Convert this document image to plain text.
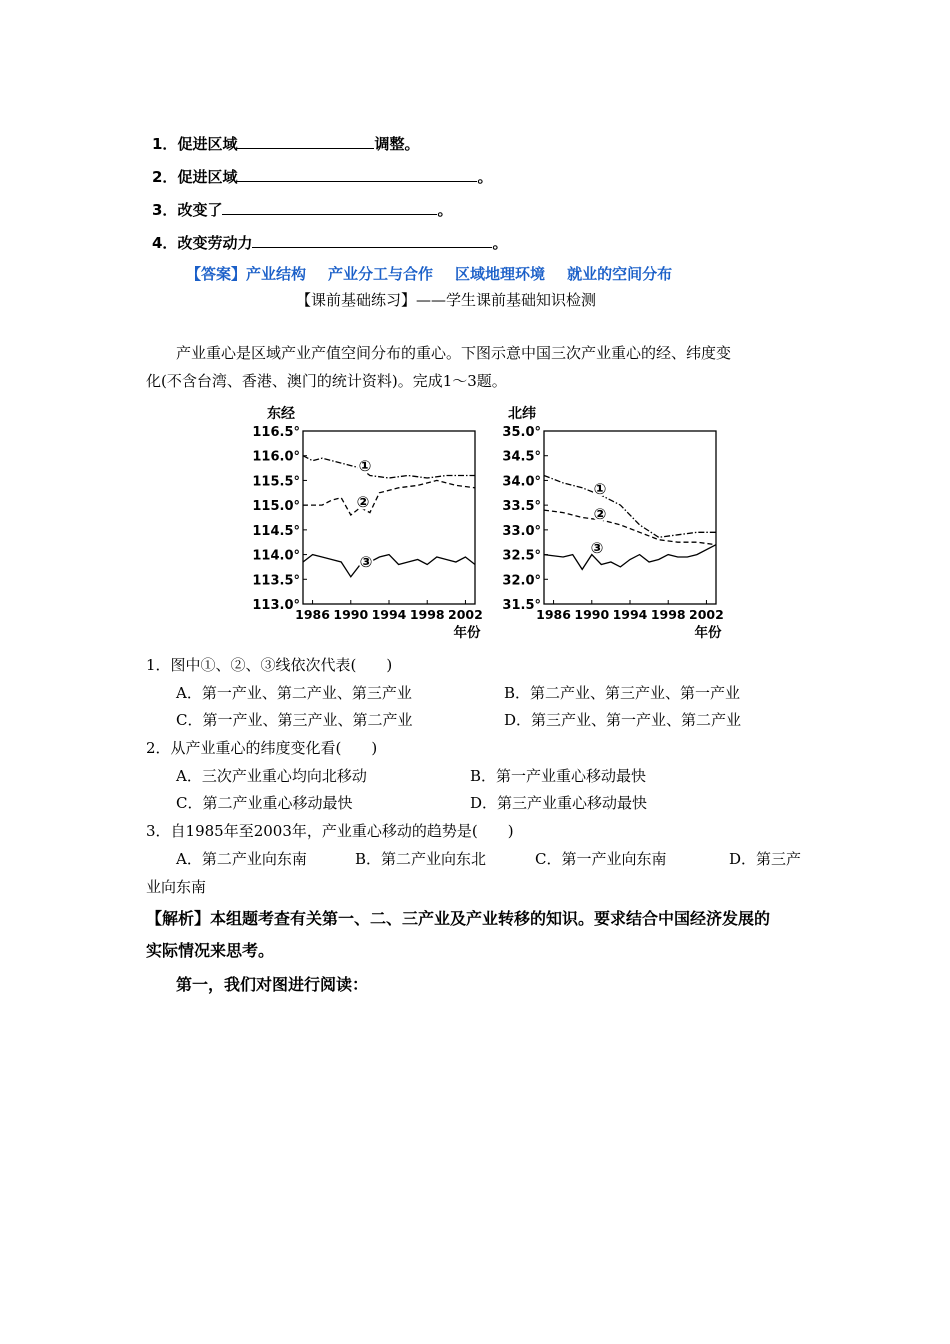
1．促进区域	调整。
2．促进区域	。
3．改变了	。
4．改变劳动力	。
【答案】产业结构 产业分工与合作 区域地理环境 就业的空间分布
【课前基础练习】——学生课前基础知识检测
产业重心是区域产业产值空间分布的重心。下图示意中国三次产业重心的经、纬度变
化(不含台湾、香港、澳门的统计资料)。完成1～3题。
东经
116.5°
116.0°
115.5°
115.0°
114.5°
114.0°
113.5°
113.0°
1986 1990 1994 1998 2002
年份
①
②
③
北纬
35.0°
34.5°
34.0°
33.5°
33.0°
32.5°
32.0°
31.5°
1986 1990 1994 1998 2002
年份
①
②
③
1．图中①、②、③线依次代表(　　)
A．第一产业、第二产业、第三产业	B．第二产业、第三产业、第一产业
C．第一产业、第三产业、第二产业	D．第三产业、第一产业、第二产业
2．从产业重心的纬度变化看(　　)
A．三次产业重心均向北移动	B．第一产业重心移动最快
C．第二产业重心移动最快	D．第三产业重心移动最快
3．自1985年至2003年，产业重心移动的趋势是(　　)
A．第二产业向东南	B．第二产业向东北	C．第一产业向东南	D．第三产
业向东南
【解析】本组题考查有关第一、二、三产业及产业转移的知识。要求结合中国经济发展的
实际情况来思考。
第一，我们对图进行阅读：
